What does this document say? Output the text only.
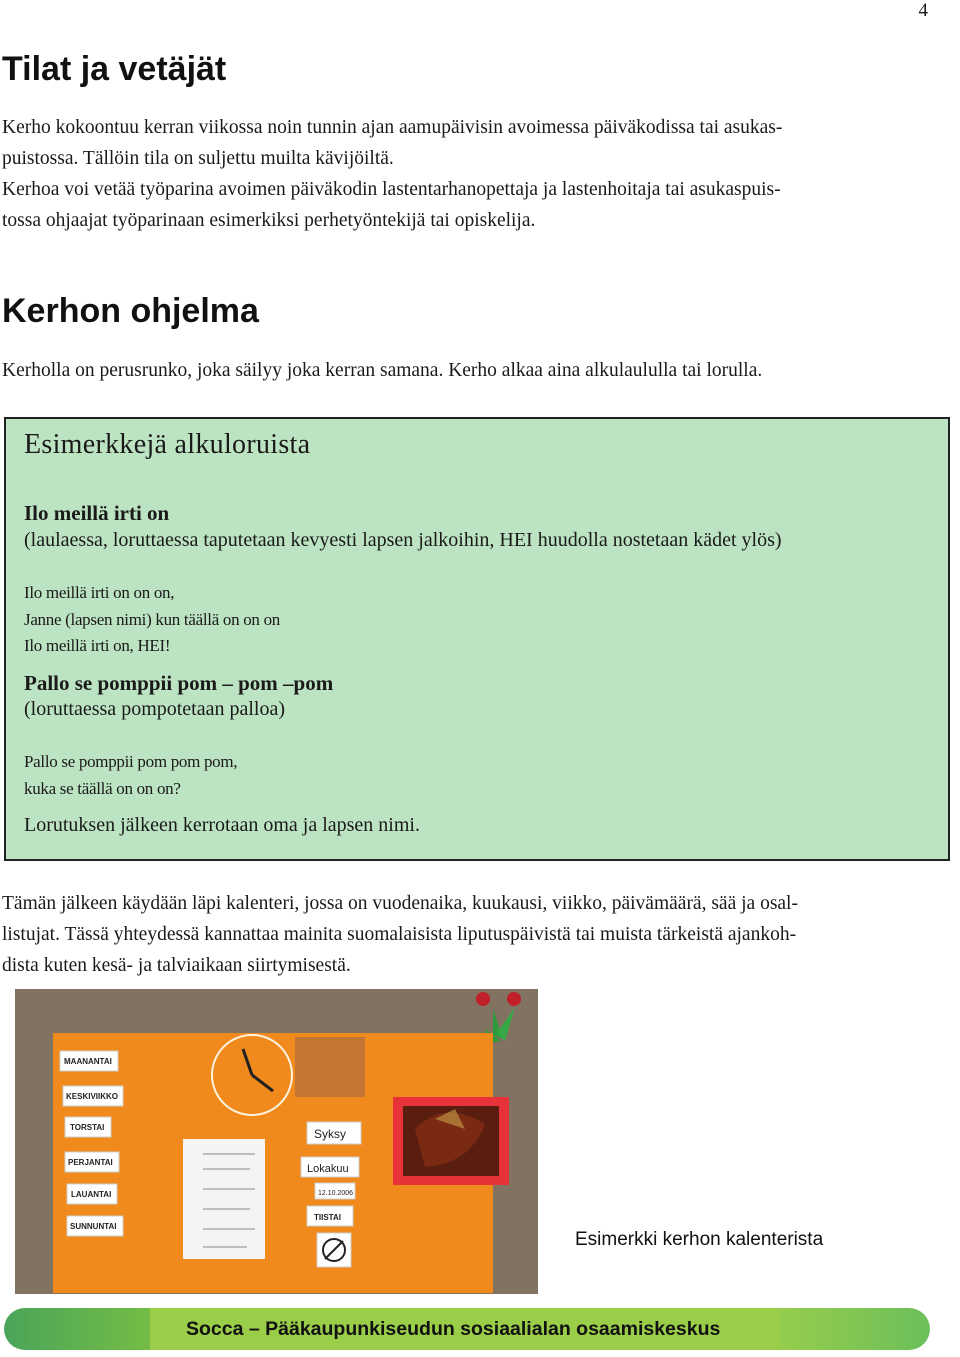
4
Tilat ja vetäjät

Kerho kokoontuu kerran viikossa noin tunnin ajan aamupäivisin avoimessa päiväkodissa tai asukas-

puistossa. Tällöin tila on suljettu muilta kävijöiltä.

Kerhoa voi vetää työparina avoimen päiväkodin lastentarhanopettaja ja lastenhoitaja tai asukaspuis-

tossa ohjaajat työparinaan esimerkiksi perhetyöntekijä tai opiskelija.

Kerhon ohjelma
Kerholla on perusrunko, joka säilyy joka kerran samana. Kerho alkaa aina alkulaululla tai lorulla.
Esimerkkejä alkuloruista
Ilo meillä irti on
(laulaessa, loruttaessa taputetaan kevyesti lapsen jalkoihin, HEI huudolla nostetaan kädet ylös)
Ilo meillä irti on on on,
Janne (lapsen nimi) kun täällä on on on
Ilo meillä irti on, HEI!
Pallo se pomppii pom – pom –pom
(loruttaessa pompotetaan palloa)
Pallo se pomppii pom pom pom,
kuka se täällä on on on?
Lorutuksen jälkeen kerrotaan oma ja lapsen nimi.

Tämän jälkeen käydään läpi kalenteri, jossa on vuodenaika, kuukausi, viikko, päivämäärä, sää ja osal-

listujat. Tässä yhteydessä kannattaa mainita suomalaisista liputuspäivistä tai muista tärkeistä ajankoh-

dista kuten kesä- ja talviaikaan siirtymisestä.

MAANANTAI
KESKIVIIKKO
TORSTAI
PERJANTAI
LAUANTAI
SUNNUNTAI
Syksy
Lokakuu
12.10.2006
TIISTAI
Esimerkki kerhon kalenterista
Socca – Pääkaupunkiseudun sosiaalialan osaamiskeskus
